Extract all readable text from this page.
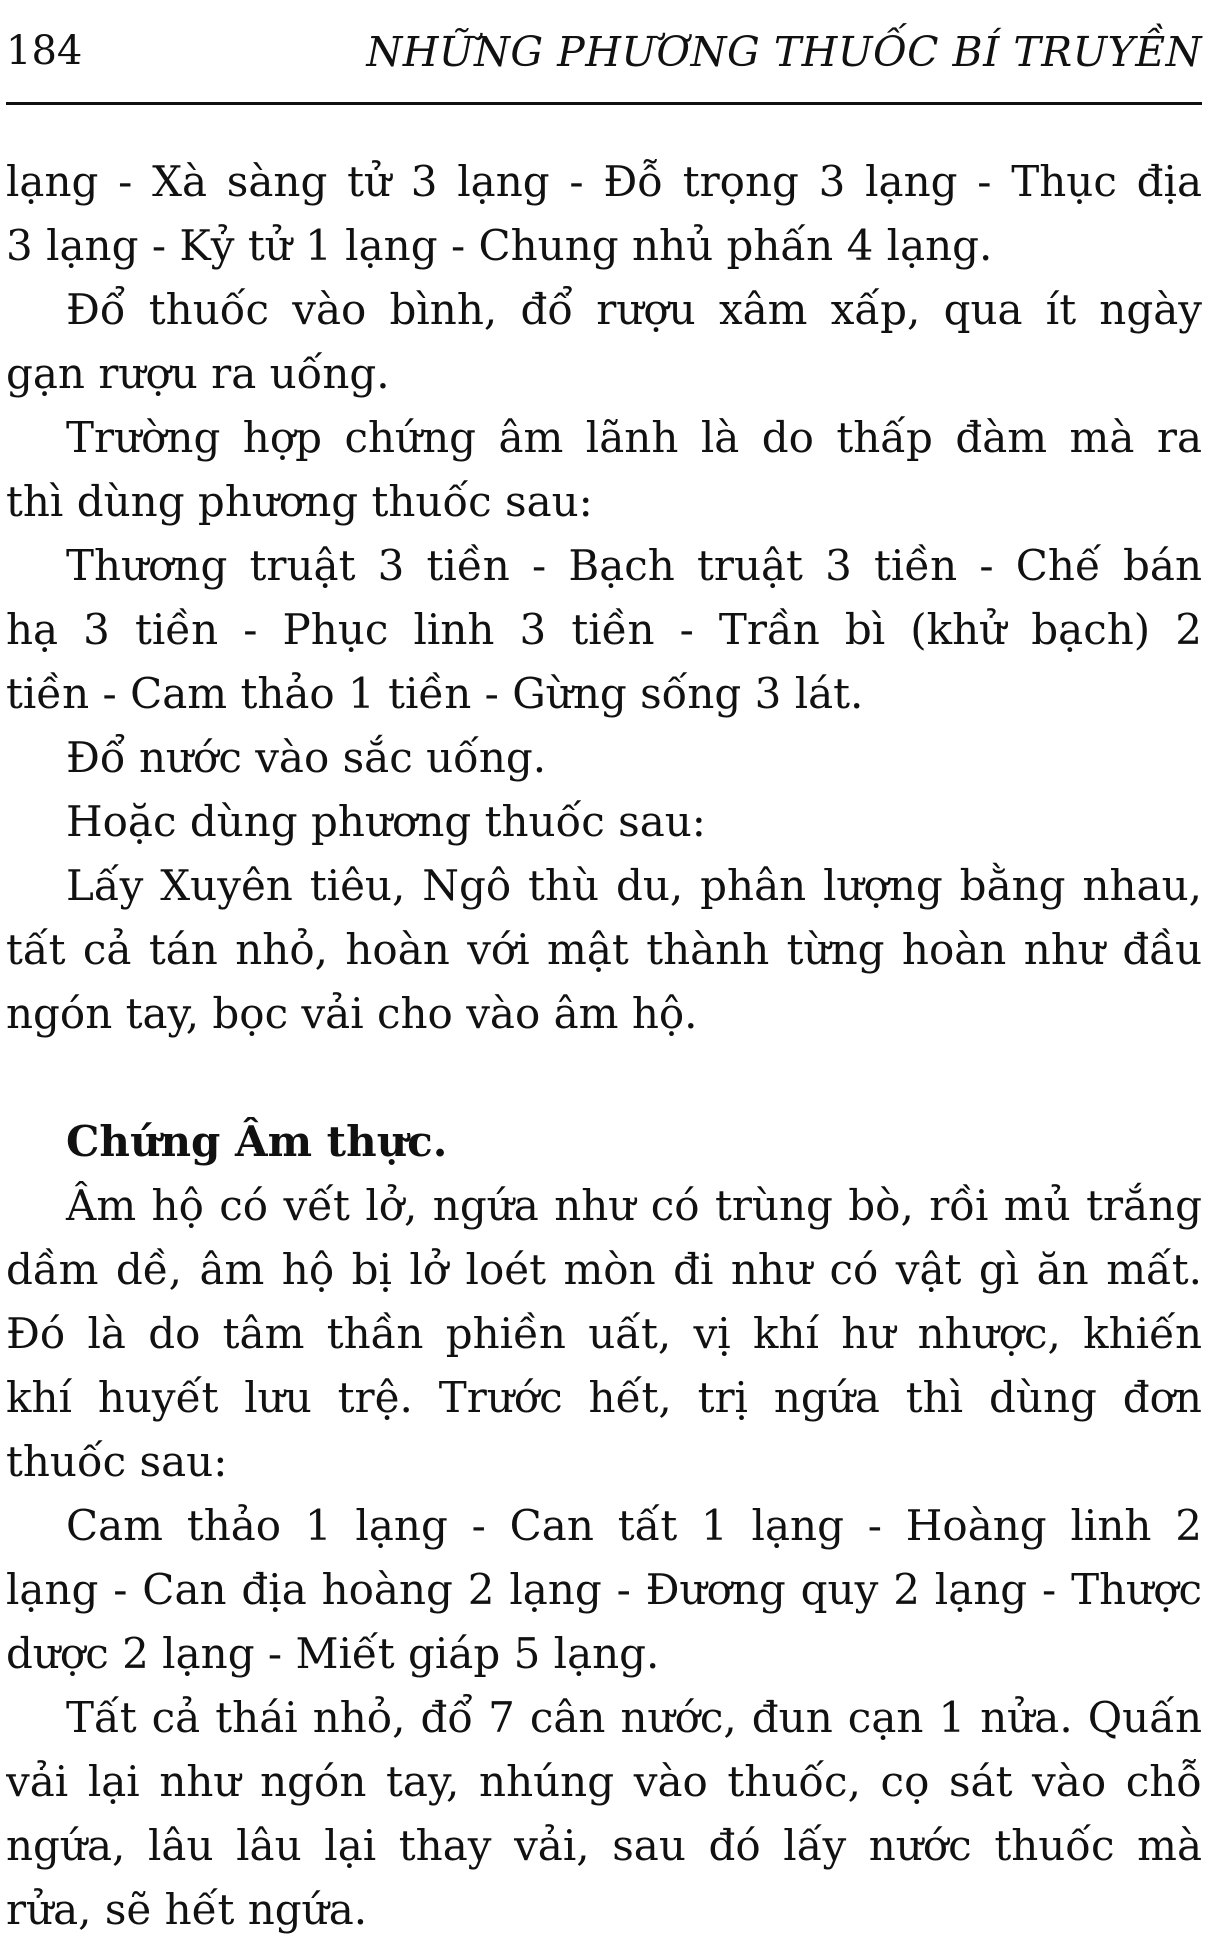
184	NHỮNG PHƯƠNG THUỐC BÍ TRUYỀN
lạng - Xà sàng tử 3 lạng - Đỗ trọng 3 lạng - Thục địa
3 lạng - Kỷ tử 1 lạng - Chung nhủ phấn 4 lạng.
Đổ thuốc vào bình, đổ rượu xâm xấp, qua ít ngày
gạn rượu ra uống.
Trường hợp chứng âm lãnh là do thấp đàm mà ra
thì dùng phương thuốc sau:
Thương truật 3 tiền - Bạch truật 3 tiền - Chế bán
hạ 3 tiền - Phục linh 3 tiền - Trần bì (khử bạch) 2
tiền - Cam thảo 1 tiền - Gừng sống 3 lát.
Đổ nước vào sắc uống.
Hoặc dùng phương thuốc sau:
Lấy Xuyên tiêu, Ngô thù du, phân lượng bằng nhau,
tất cả tán nhỏ, hoàn với mật thành từng hoàn như đầu
ngón tay, bọc vải cho vào âm hộ.
Chứng Âm thực.
Âm hộ có vết lở, ngứa như có trùng bò, rồi mủ trắng
dầm dề, âm hộ bị lở loét mòn đi như có vật gì ăn mất.
Đó là do tâm thần phiền uất, vị khí hư nhược, khiến
khí huyết lưu trệ. Trước hết, trị ngứa thì dùng đơn
thuốc sau:
Cam thảo 1 lạng - Can tất 1 lạng - Hoàng linh 2
lạng - Can địa hoàng 2 lạng - Đương quy 2 lạng - Thược
dược 2 lạng - Miết giáp 5 lạng.
Tất cả thái nhỏ, đổ 7 cân nước, đun cạn 1 nửa. Quấn
vải lại như ngón tay, nhúng vào thuốc, cọ sát vào chỗ
ngứa, lâu lâu lại thay vải, sau đó lấy nước thuốc mà
rửa, sẽ hết ngứa.
